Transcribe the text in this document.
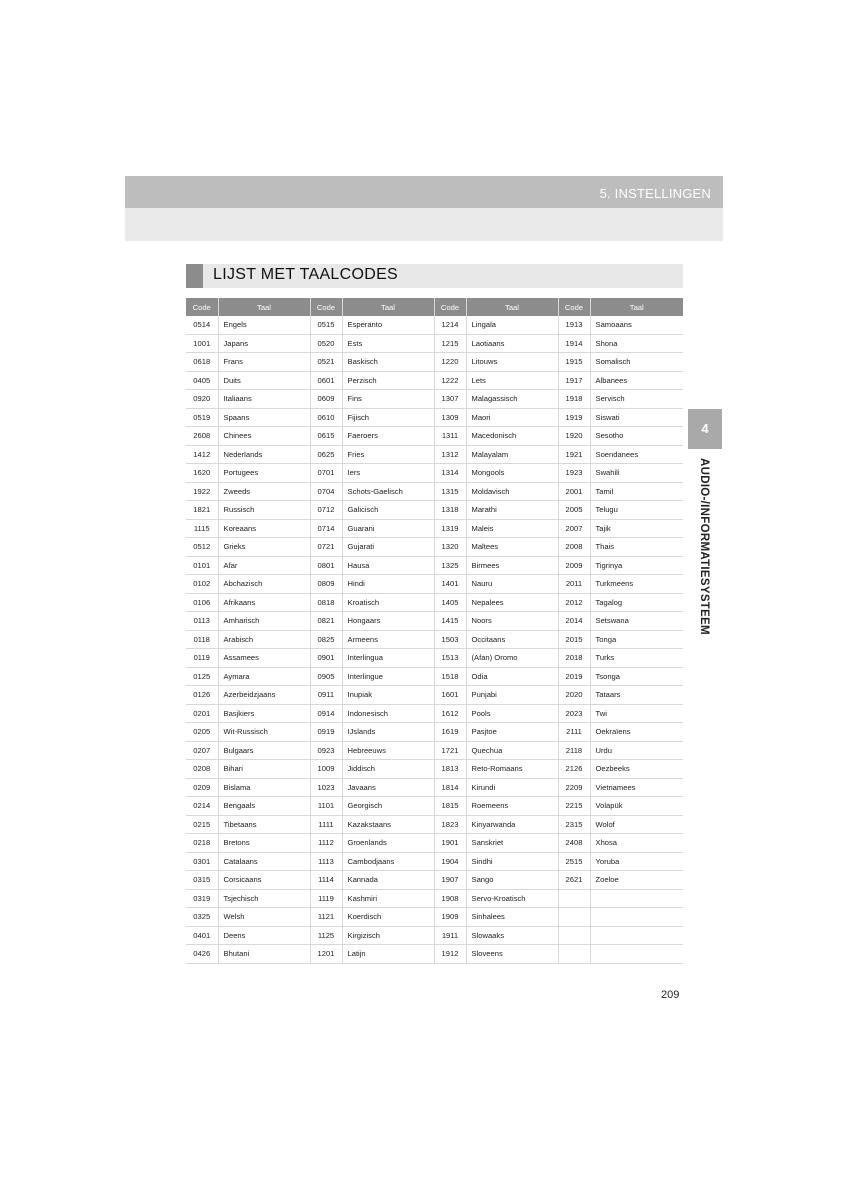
5. INSTELLINGEN
LIJST MET TAALCODES
Code	Taal	Code	Taal	Code	Taal	Code	Taal
0514	Engels	0515	Esperanto	1214	Lingala	1913	Samoaans
1001	Japans	0520	Ests	1215	Laotiaans	1914	Shona
0618	Frans	0521	Baskisch	1220	Litouws	1915	Somalisch
0405	Duits	0601	Perzisch	1222	Lets	1917	Albanees
0920	Italiaans	0609	Fins	1307	Malagassisch	1918	Servisch
0519	Spaans	0610	Fijisch	1309	Maori	1919	Siswati
2608	Chinees	0615	Faeroers	1311	Macedonisch	1920	Sesotho
1412	Nederlands	0625	Fries	1312	Malayalam	1921	Soendanees
1620	Portugees	0701	Iers	1314	Mongools	1923	Swahili
1922	Zweeds	0704	Schots-Gaelisch	1315	Moldavisch	2001	Tamil
1821	Russisch	0712	Galicisch	1318	Marathi	2005	Telugu
1115	Koreaans	0714	Guarani	1319	Maleis	2007	Tajik
0512	Grieks	0721	Gujarati	1320	Maltees	2008	Thais
0101	Afar	0801	Hausa	1325	Birmees	2009	Tigrinya
0102	Abchazisch	0809	Hindi	1401	Nauru	2011	Turkmeens
0106	Afrikaans	0818	Kroatisch	1405	Nepalees	2012	Tagalog
0113	Amharisch	0821	Hongaars	1415	Noors	2014	Setswana
0118	Arabisch	0825	Armeens	1503	Occitaans	2015	Tonga
0119	Assamees	0901	Interlingua	1513	(Afan) Oromo	2018	Turks
0125	Aymara	0905	Interlingue	1518	Odia	2019	Tsonga
0126	Azerbeidzjaans	0911	Inupiak	1601	Punjabi	2020	Tataars
0201	Basjkiers	0914	Indonesisch	1612	Pools	2023	Twi
0205	Wit-Russisch	0919	IJslands	1619	Pasjtoe	2111	Oekraïens
0207	Bulgaars	0923	Hebreeuws	1721	Quechua	2118	Urdu
0208	Bihari	1009	Jiddisch	1813	Reto-Romaans	2126	Oezbeeks
0209	Bislama	1023	Javaans	1814	Kirundi	2209	Vietnamees
0214	Bengaals	1101	Georgisch	1815	Roemeens	2215	Volapük
0215	Tibetaans	1111	Kazakstaans	1823	Kinyarwanda	2315	Wolof
0218	Bretons	1112	Groenlands	1901	Sanskriet	2408	Xhosa
0301	Catalaans	1113	Cambodjaans	1904	Sindhi	2515	Yoruba
0315	Corsicaans	1114	Kannada	1907	Sango	2621	Zoeloe
0319	Tsjechisch	1119	Kashmiri	1908	Servo-Kroatisch		
0325	Welsh	1121	Koerdisch	1909	Sinhalees		
0401	Deens	1125	Kirgizisch	1911	Slowaaks		
0426	Bhutani	1201	Latijn	1912	Sloveens		
4
AUDIO-/INFORMATIESYSTEEM
209
